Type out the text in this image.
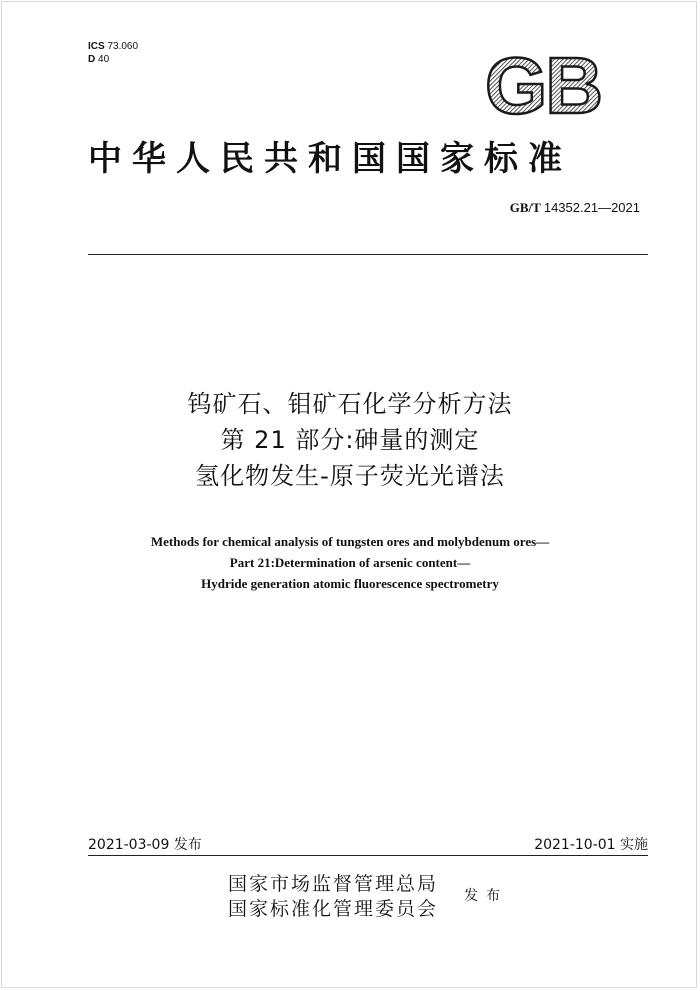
ICS 73.060
D 40	GB
中华人民共和国国家标准
GB/T 14352.21—2021
钨矿石、钼矿石化学分析方法
第 21 部分:砷量的测定
氢化物发生-原子荧光光谱法
Methods for chemical analysis of tungsten ores and molybdenum ores—
Part 21:Determination of arsenic content—
Hydride generation atomic fluorescence spectrometry
2021-03-09 发布	2021-10-01 实施
国家市场监督管理总局
国家标准化管理委员会
发布
